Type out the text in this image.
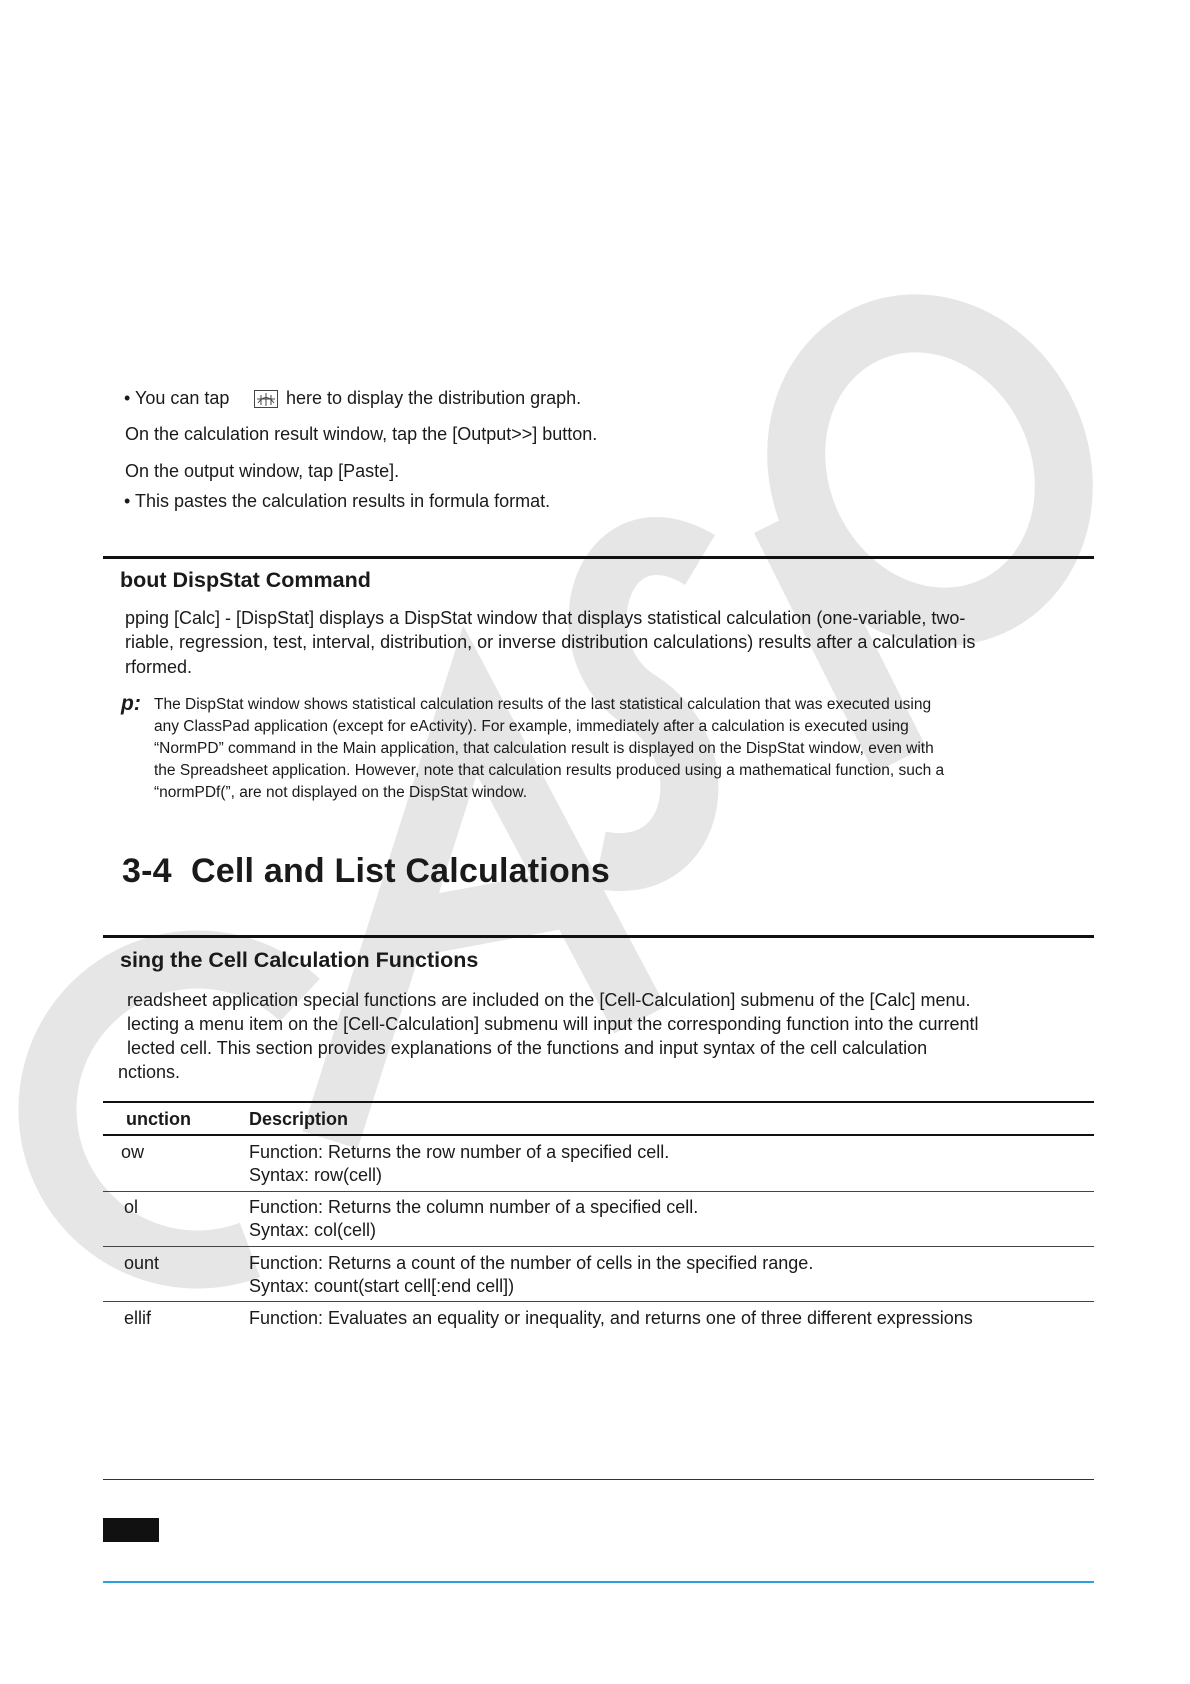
• You can tap	here to display the distribution graph.
On the calculation result window, tap the [Output>>] button.
On the output window, tap [Paste].
• This pastes the calculation results in formula format.
bout DispStat Command
pping [Calc] - [DispStat] displays a DispStat window that displays statistical calculation (one-variable, two-
riable, regression, test, interval, distribution, or inverse distribution calculations) results after a calculation is
rformed.
p: The DispStat window shows statistical calculation results of the last statistical calculation that was executed using
any ClassPad application (except for eActivity). For example, immediately after a calculation is executed using
“NormPD” command in the Main application, that calculation result is displayed on the DispStat window, even with
the Spreadsheet application. However, note that calculation results produced using a mathematical function, such a
“normPDf(”, are not displayed on the DispStat window.
3-4 Cell and List Calculations
sing the Cell Calculation Functions
readsheet application special functions are included on the [Cell-Calculation] submenu of the [Calc] menu.
lecting a menu item on the [Cell-Calculation] submenu will input the corresponding function into the currentl
lected cell. This section provides explanations of the functions and input syntax of the cell calculation
nctions.
unction	Description
ow	Function: Returns the row number of a specified cell.
Syntax: row(cell)
ol	Function: Returns the column number of a specified cell.
Syntax: col(cell)
ount	Function: Returns a count of the number of cells in the specified range.
Syntax: count(start cell[:end cell])
ellif	Function: Evaluates an equality or inequality, and returns one of three different expressions
